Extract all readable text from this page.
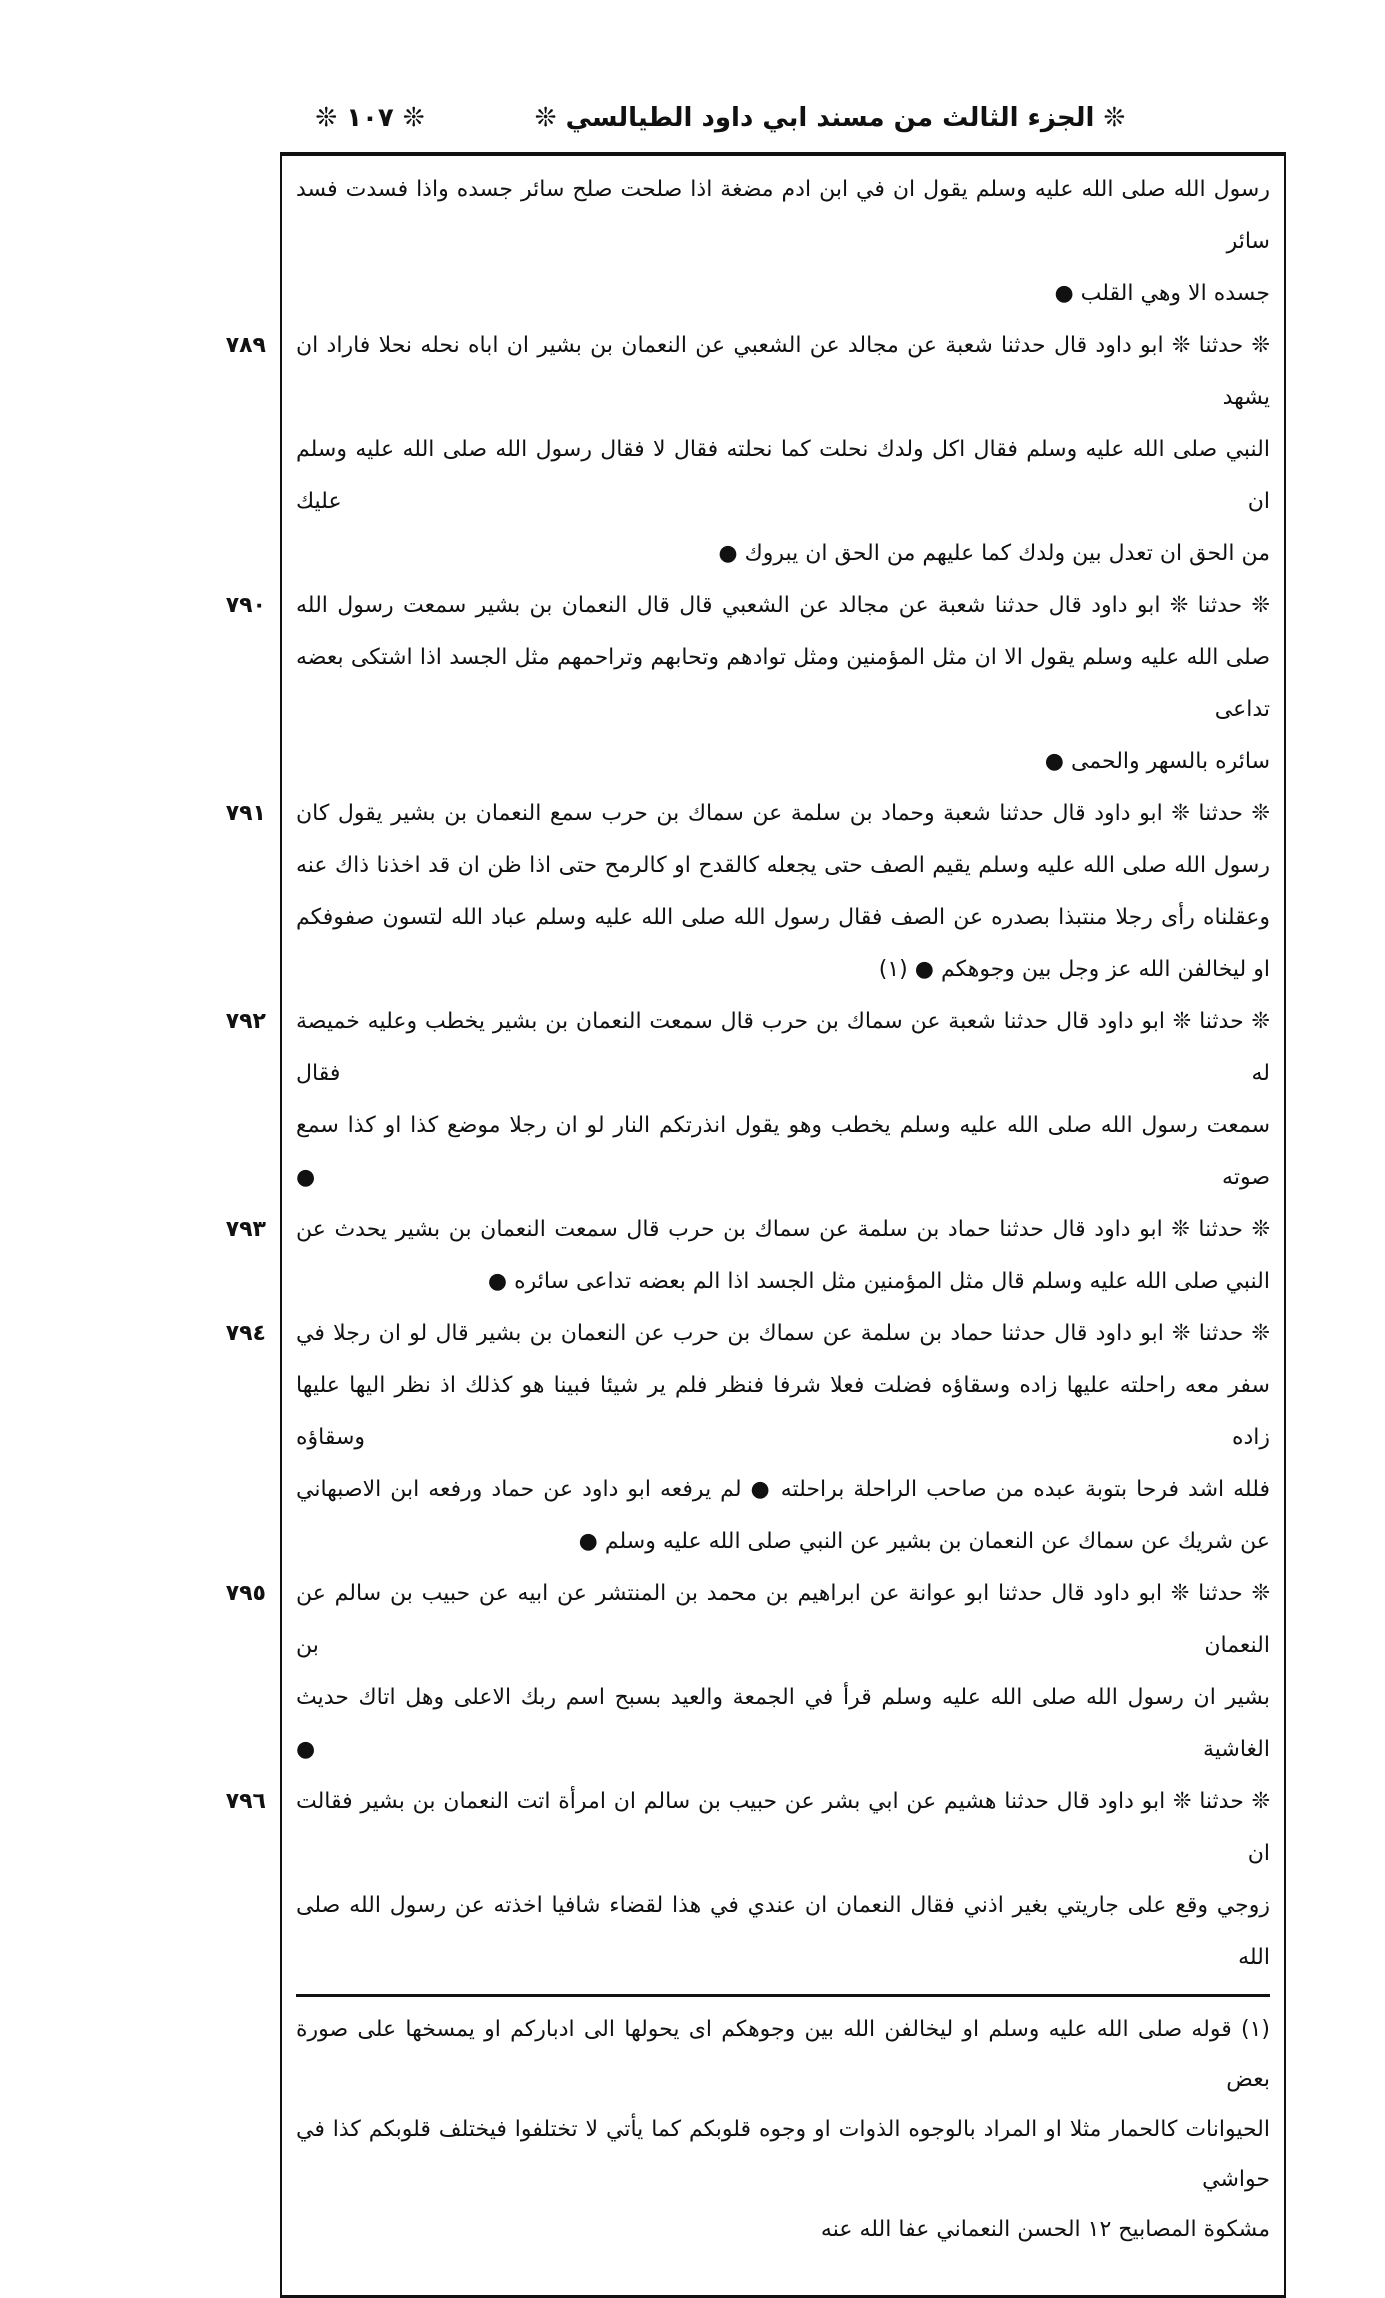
❊ ١٠٧ ❊	❊ الجزء الثالث من مسند ابي داود الطيالسي ❊
رسول الله صلى الله عليه وسلم يقول ان في ابن ادم مضغة اذا صلحت صلح سائر جسده واذا فسدت فسد سائر
جسده الا وهي القلب ●
❊ حدثنا ❊ ابو داود قال حدثنا شعبة عن مجالد عن الشعبي عن النعمان بن بشير ان اباه نحله نحلا فاراد ان يشهد
٧٨٩
النبي صلى الله عليه وسلم فقال اكل ولدك نحلت كما نحلته فقال لا فقال رسول الله صلى الله عليه وسلم ان عليك
من الحق ان تعدل بين ولدك كما عليهم من الحق ان يبروك ●
❊ حدثنا ❊ ابو داود قال حدثنا شعبة عن مجالد عن الشعبي قال قال النعمان بن بشير سمعت رسول الله
٧٩٠
صلى الله عليه وسلم يقول الا ان مثل المؤمنين ومثل توادهم وتحابهم وتراحمهم مثل الجسد اذا اشتكى بعضه تداعى
سائره بالسهر والحمى ●
❊ حدثنا ❊ ابو داود قال حدثنا شعبة وحماد بن سلمة عن سماك بن حرب سمع النعمان بن بشير يقول كان
٧٩١
رسول الله صلى الله عليه وسلم يقيم الصف حتى يجعله كالقدح او كالرمح حتى اذا ظن ان قد اخذنا ذاك عنه
وعقلناه رأى رجلا منتبذا بصدره عن الصف فقال رسول الله صلى الله عليه وسلم عباد الله لتسون صفوفكم
او ليخالفن الله عز وجل بين وجوهكم ● (١)
❊ حدثنا ❊ ابو داود قال حدثنا شعبة عن سماك بن حرب قال سمعت النعمان بن بشير يخطب وعليه خميصة له فقال
٧٩٢
سمعت رسول الله صلى الله عليه وسلم يخطب وهو يقول انذرتكم النار لو ان رجلا موضع كذا او كذا سمع صوته ●
❊ حدثنا ❊ ابو داود قال حدثنا حماد بن سلمة عن سماك بن حرب قال سمعت النعمان بن بشير يحدث عن
٧٩٣
النبي صلى الله عليه وسلم قال مثل المؤمنين مثل الجسد اذا الم بعضه تداعى سائره ●
❊ حدثنا ❊ ابو داود قال حدثنا حماد بن سلمة عن سماك بن حرب عن النعمان بن بشير قال لو ان رجلا في
٧٩٤
سفر معه راحلته عليها زاده وسقاؤه فضلت فعلا شرفا فنظر فلم ير شيئا فبينا هو كذلك اذ نظر اليها عليها زاده وسقاؤه
فلله اشد فرحا بتوبة عبده من صاحب الراحلة براحلته ● لم يرفعه ابو داود عن حماد ورفعه ابن الاصبهاني
عن شريك عن سماك عن النعمان بن بشير عن النبي صلى الله عليه وسلم ●
❊ حدثنا ❊ ابو داود قال حدثنا ابو عوانة عن ابراهيم بن محمد بن المنتشر عن ابيه عن حبيب بن سالم عن النعمان بن
٧٩٥
بشير ان رسول الله صلى الله عليه وسلم قرأ في الجمعة والعيد بسبح اسم ربك الاعلى وهل اتاك حديث الغاشية ●
❊ حدثنا ❊ ابو داود قال حدثنا هشيم عن ابي بشر عن حبيب بن سالم ان امرأة اتت النعمان بن بشير فقالت ان
٧٩٦
زوجي وقع على جاريتي بغير اذني فقال النعمان ان عندي في هذا لقضاء شافيا اخذته عن رسول الله صلى الله
(١) قوله صلى الله عليه وسلم او ليخالفن الله بين وجوهكم اى يحولها الى ادباركم او يمسخها على صورة بعض
الحيوانات كالحمار مثلا او المراد بالوجوه الذوات او وجوه قلوبكم كما يأتي لا تختلفوا فيختلف قلوبكم كذا في حواشي
مشكوة المصابيح ١٢ الحسن النعماني عفا الله عنه
